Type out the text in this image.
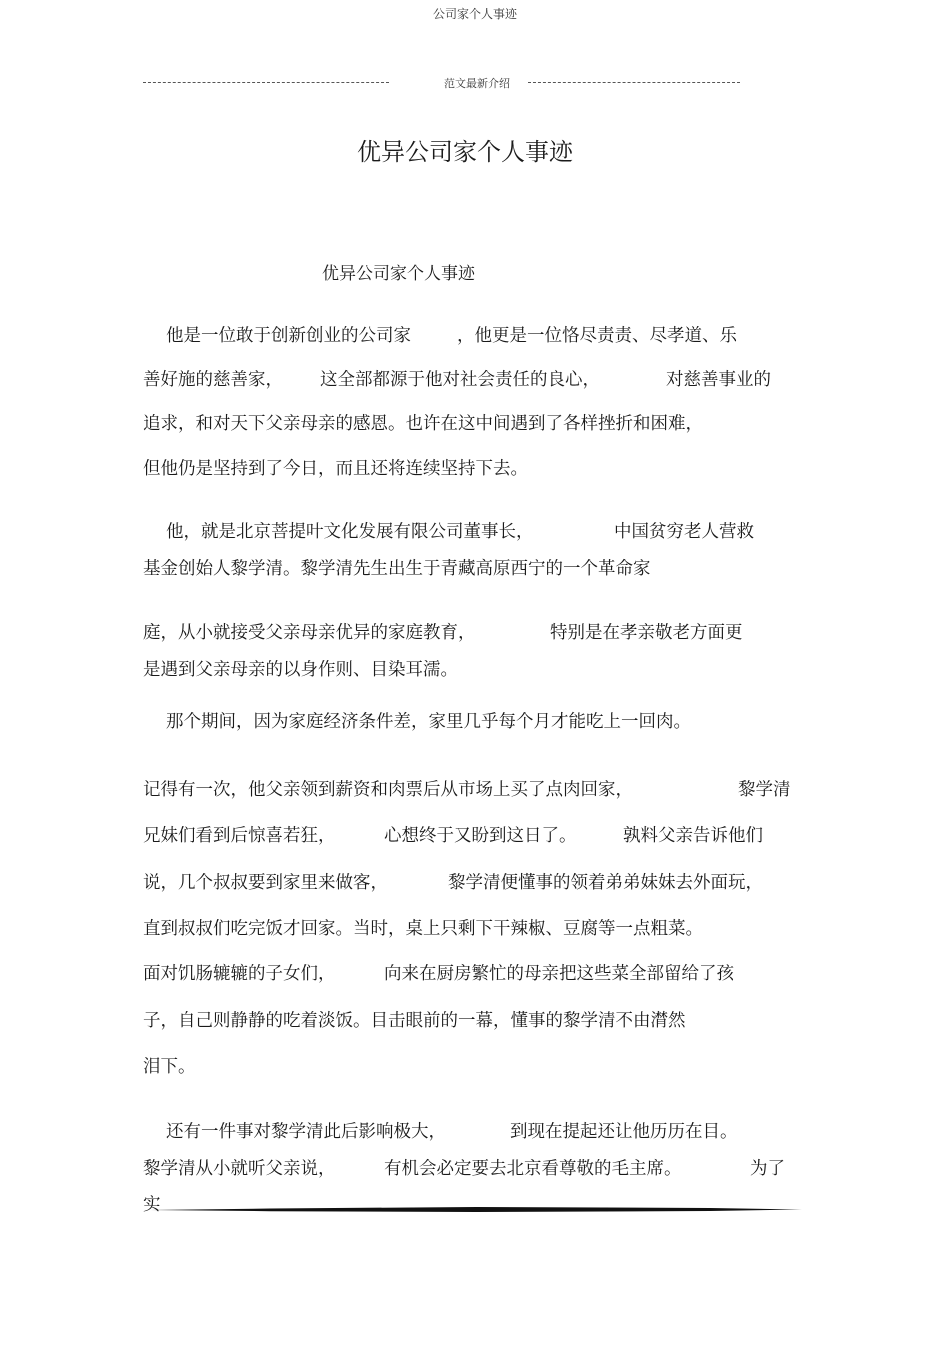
公司家个人事迹
范文最新介绍
优异公司家个人事迹
优异公司家个人事迹
他是一位敢于创新创业的公司家	，他更是一位恪尽责责、尽孝道、乐
善好施的慈善家， 这全部都源于他对社会责任的良心，	对慈善事业的
追求，和对天下父亲母亲的感恩。也许在这中间遇到了各样挫折和困难，
但他仍是坚持到了今日，而且还将连续坚持下去。
他，就是北京菩提叶文化发展有限公司董事长，	中国贫穷老人营救
基金创始人黎学清。黎学清先生出生于青藏高原西宁的一个革命家
庭，从小就接受父亲母亲优异的家庭教育，	特别是在孝亲敬老方面更
是遇到父亲母亲的以身作则、目染耳濡。
那个期间，因为家庭经济条件差，家里几乎每个月才能吃上一回肉。
记得有一次，他父亲领到薪资和肉票后从市场上买了点肉回家，	黎学清
兄妹们看到后惊喜若狂，	心想终于又盼到这日了。	孰料父亲告诉他们
说，几个叔叔要到家里来做客，	黎学清便懂事的领着弟弟妹妹去外面玩，
直到叔叔们吃完饭才回家。当时，桌上只剩下干辣椒、豆腐等一点粗菜。
面对饥肠辘辘的子女们，	向来在厨房繁忙的母亲把这些菜全部留给了孩
子，自己则静静的吃着淡饭。目击眼前的一幕，懂事的黎学清不由潸然
泪下。
还有一件事对黎学清此后影响极大，	到现在提起还让他历历在目。
黎学清从小就听父亲说，	有机会必定要去北京看尊敬的毛主席。	为了
实
